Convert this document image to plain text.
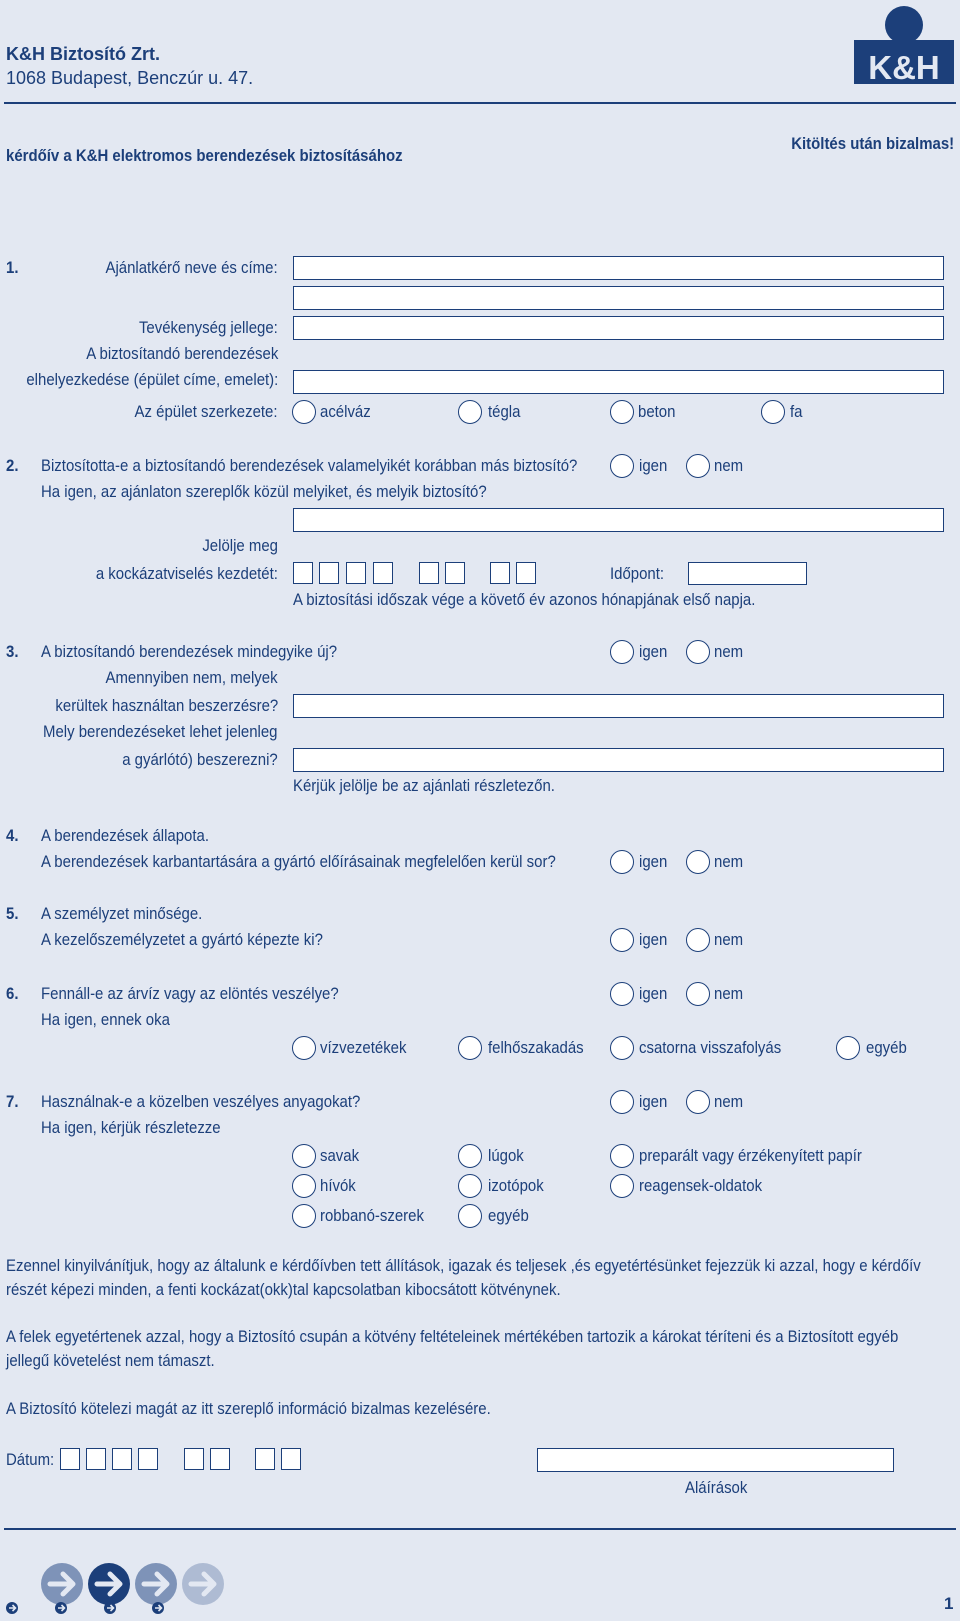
K&H Biztosító Zrt.
1068 Budapest, Benczúr u. 47.	K&H
kérdőív a K&H elektromos berendezések biztosításához
Kitöltés után bizalmas!
1.	Ajánlatkérő neve és címe:
Tevékenység jellege:
A biztosítandó berendezések
elhelyezkedése (épület címe, emelet):
Az épület szerkezete: acélváz	tégla	beton	fa
2. Biztosította-e a biztosítandó berendezések valamelyikét korábban más biztosító?	igen	nem
Ha igen, az ajánlaton szereplők közül melyiket, és melyik biztosító?
Jelölje meg
a kockázatviselés kezdetét:	Időpont:
A biztosítási időszak vége a követő év azonos hónapjának első napja.
3. A biztosítandó berendezések mindegyike új?	igen	nem
Amennyiben nem, melyek
kerültek használtan beszerzésre?
Mely berendezéseket lehet jelenleg
a gyárlótó) beszerezni?
Kérjük jelölje be az ajánlati részletezőn.
4. A berendezések állapota.
A berendezések karbantartására a gyártó előírásainak megfelelően kerül sor?	igen	nem
5. A személyzet minősége.
A kezelőszemélyzetet a gyártó képezte ki?	igen	nem
6. Fennáll-e az árvíz vagy az elöntés veszélye?	igen	nem
Ha igen, ennek oka
vízvezetékek	felhőszakadás	csatorna visszafolyás	egyéb
7. Használnak-e a közelben veszélyes anyagokat?	igen	nem
Ha igen, kérjük részletezze
savak	lúgok	preparált vagy érzékenyített papír
hívók	izotópok	reagensek-oldatok
robbanó-szerek	egyéb
Ezennel kinyilvánítjuk, hogy az általunk e kérdőívben tett állítások, igazak és teljesek ,és egyetértésünket fejezzük ki azzal, hogy e kérdőív részét képezi minden, a fenti kockázat(okk)tal kapcsolatban kibocsátott kötvénynek.
A felek egyetértenek azzal, hogy a Biztosító csupán a kötvény feltételeinek mértékében tartozik a károkat téríteni és a Biztosított egyéb jellegű követelést nem támaszt.
A Biztosító kötelezi magát az itt szereplő információ bizalmas kezelésére.
Dátum:
Aláírások
1
